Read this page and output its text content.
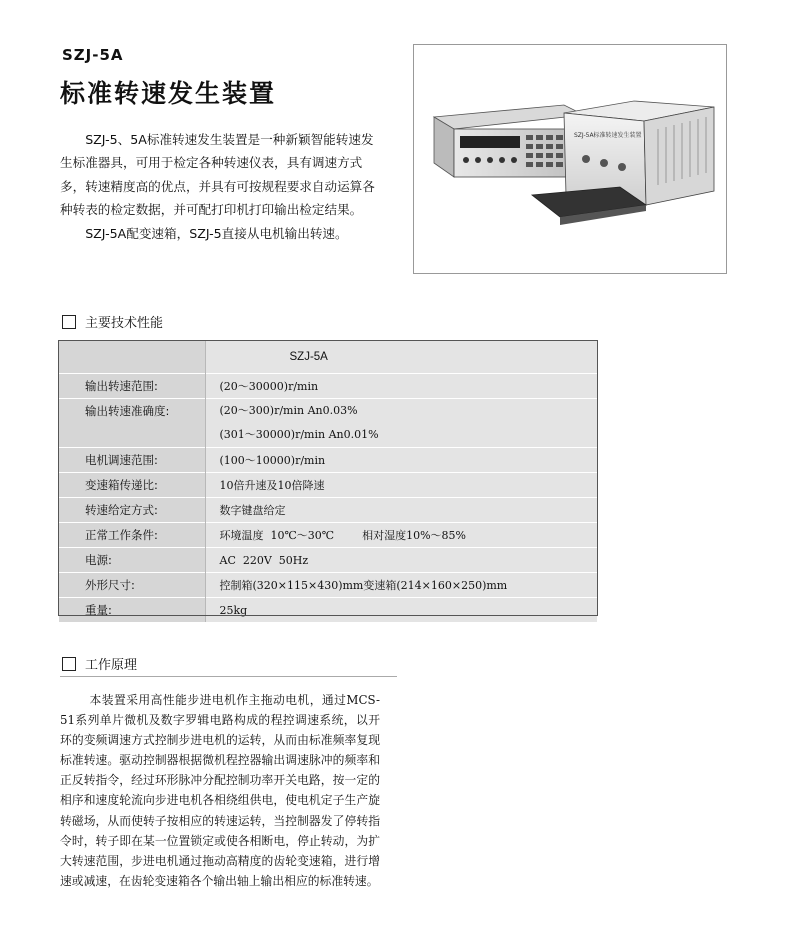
SZJ-5A
标准转速发生装置

SZJ-5、5A标准转速发生装置是一种新颖智能转速发生标准器具，可用于检定各种转速仪表，具有调速方式多，转速精度高的优点，并具有可按规程要求自动运算各种转表的检定数据，并可配打印机打印输出检定结果。

SZJ-5A配变速箱，SZJ-5直接从电机输出转速。

SZJ-5A标准转速发生装置
主要技术性能
	SZJ-5A
输出转速范围:	(20～30000)r/min
输出转速准确度:	(20～300)r/min An0.03%
(301～30000)r/min An0.01%

电机调速范围:	(100～10000)r/min
变速箱传递比:	10倍升速及10倍降速
转速给定方式:	数字键盘给定
正常工作条件:	环境温度  10℃～30℃        相对湿度10%～85%
电源:	AC  220V  50Hz
外形尺寸:	控制箱(320×115×430)mm变速箱(214×160×250)mm
重量:	25kg
工作原理

本装置采用高性能步进电机作主拖动电机，通过MCS-51系列单片微机及数字罗辑电路构成的程控调速系统，以开环的变频调速方式控制步进电机的运转，从而由标准频率复现标准转速。驱动控制器根据微机程控器输出调速脉冲的频率和正反转指令，经过环形脉冲分配控制功率开关电路，按一定的相序和速度轮流向步进电机各相绕组供电，使电机定子生产旋转磁场，从而使转子按相应的转速运转，当控制器发了停转指令时，转子即在某一位置锁定或使各相断电，停止转动，为扩大转速范围，步进电机通过拖动高精度的齿轮变速箱，进行增速或减速，在齿轮变速箱各个输出轴上输出相应的标准转速。
